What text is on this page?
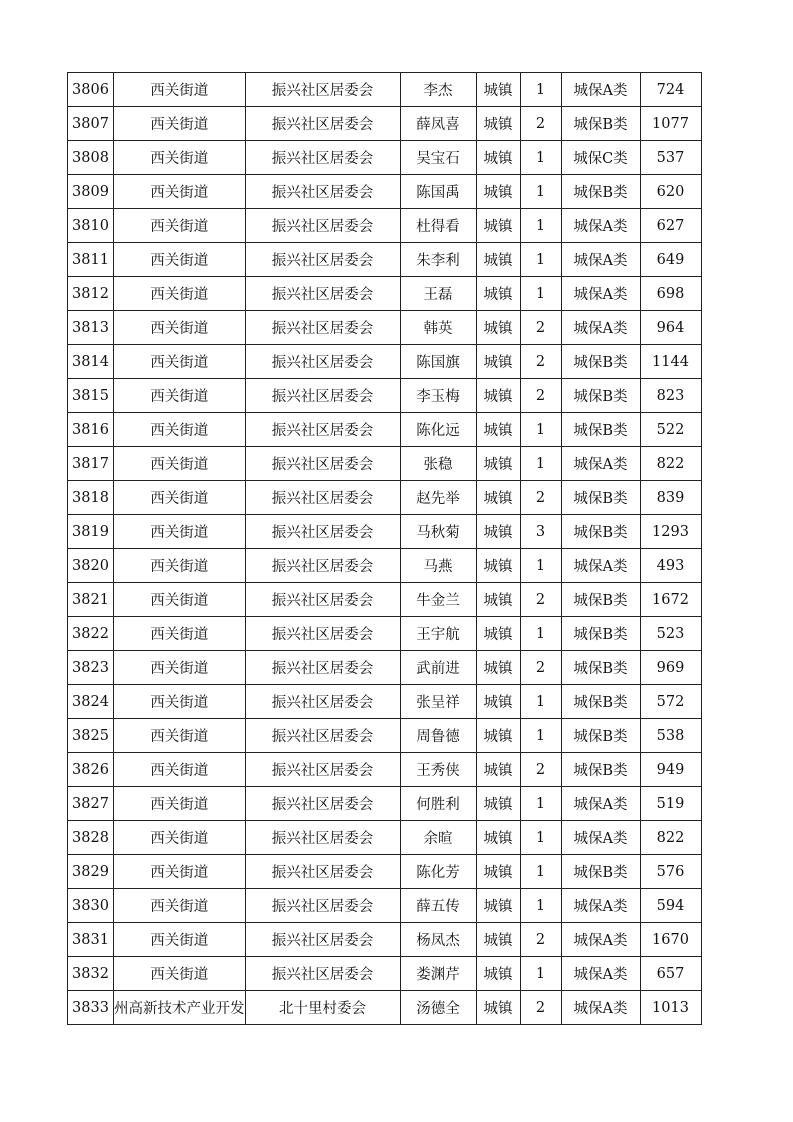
3806	西关街道	振兴社区居委会	李杰	城镇	1	城保A类	724
3807	西关街道	振兴社区居委会	薛凤喜	城镇	2	城保B类	1077
3808	西关街道	振兴社区居委会	吴宝石	城镇	1	城保C类	537
3809	西关街道	振兴社区居委会	陈国禹	城镇	1	城保B类	620
3810	西关街道	振兴社区居委会	杜得看	城镇	1	城保A类	627
3811	西关街道	振兴社区居委会	朱李利	城镇	1	城保A类	649
3812	西关街道	振兴社区居委会	王磊	城镇	1	城保A类	698
3813	西关街道	振兴社区居委会	韩英	城镇	2	城保A类	964
3814	西关街道	振兴社区居委会	陈国旗	城镇	2	城保B类	1144
3815	西关街道	振兴社区居委会	李玉梅	城镇	2	城保B类	823
3816	西关街道	振兴社区居委会	陈化远	城镇	1	城保B类	522
3817	西关街道	振兴社区居委会	张稳	城镇	1	城保A类	822
3818	西关街道	振兴社区居委会	赵先举	城镇	2	城保B类	839
3819	西关街道	振兴社区居委会	马秋菊	城镇	3	城保B类	1293
3820	西关街道	振兴社区居委会	马燕	城镇	1	城保A类	493
3821	西关街道	振兴社区居委会	牛金兰	城镇	2	城保B类	1672
3822	西关街道	振兴社区居委会	王宇航	城镇	1	城保B类	523
3823	西关街道	振兴社区居委会	武前进	城镇	2	城保B类	969
3824	西关街道	振兴社区居委会	张呈祥	城镇	1	城保B类	572
3825	西关街道	振兴社区居委会	周鲁德	城镇	1	城保B类	538
3826	西关街道	振兴社区居委会	王秀侠	城镇	2	城保B类	949
3827	西关街道	振兴社区居委会	何胜利	城镇	1	城保A类	519
3828	西关街道	振兴社区居委会	余暄	城镇	1	城保A类	822
3829	西关街道	振兴社区居委会	陈化芳	城镇	1	城保B类	576
3830	西关街道	振兴社区居委会	薛五传	城镇	1	城保A类	594
3831	西关街道	振兴社区居委会	杨凤杰	城镇	2	城保A类	1670
3832	西关街道	振兴社区居委会	娄渊芹	城镇	1	城保A类	657
3833	州高新技术产业开发	北十里村委会	汤德全	城镇	2	城保A类	1013
